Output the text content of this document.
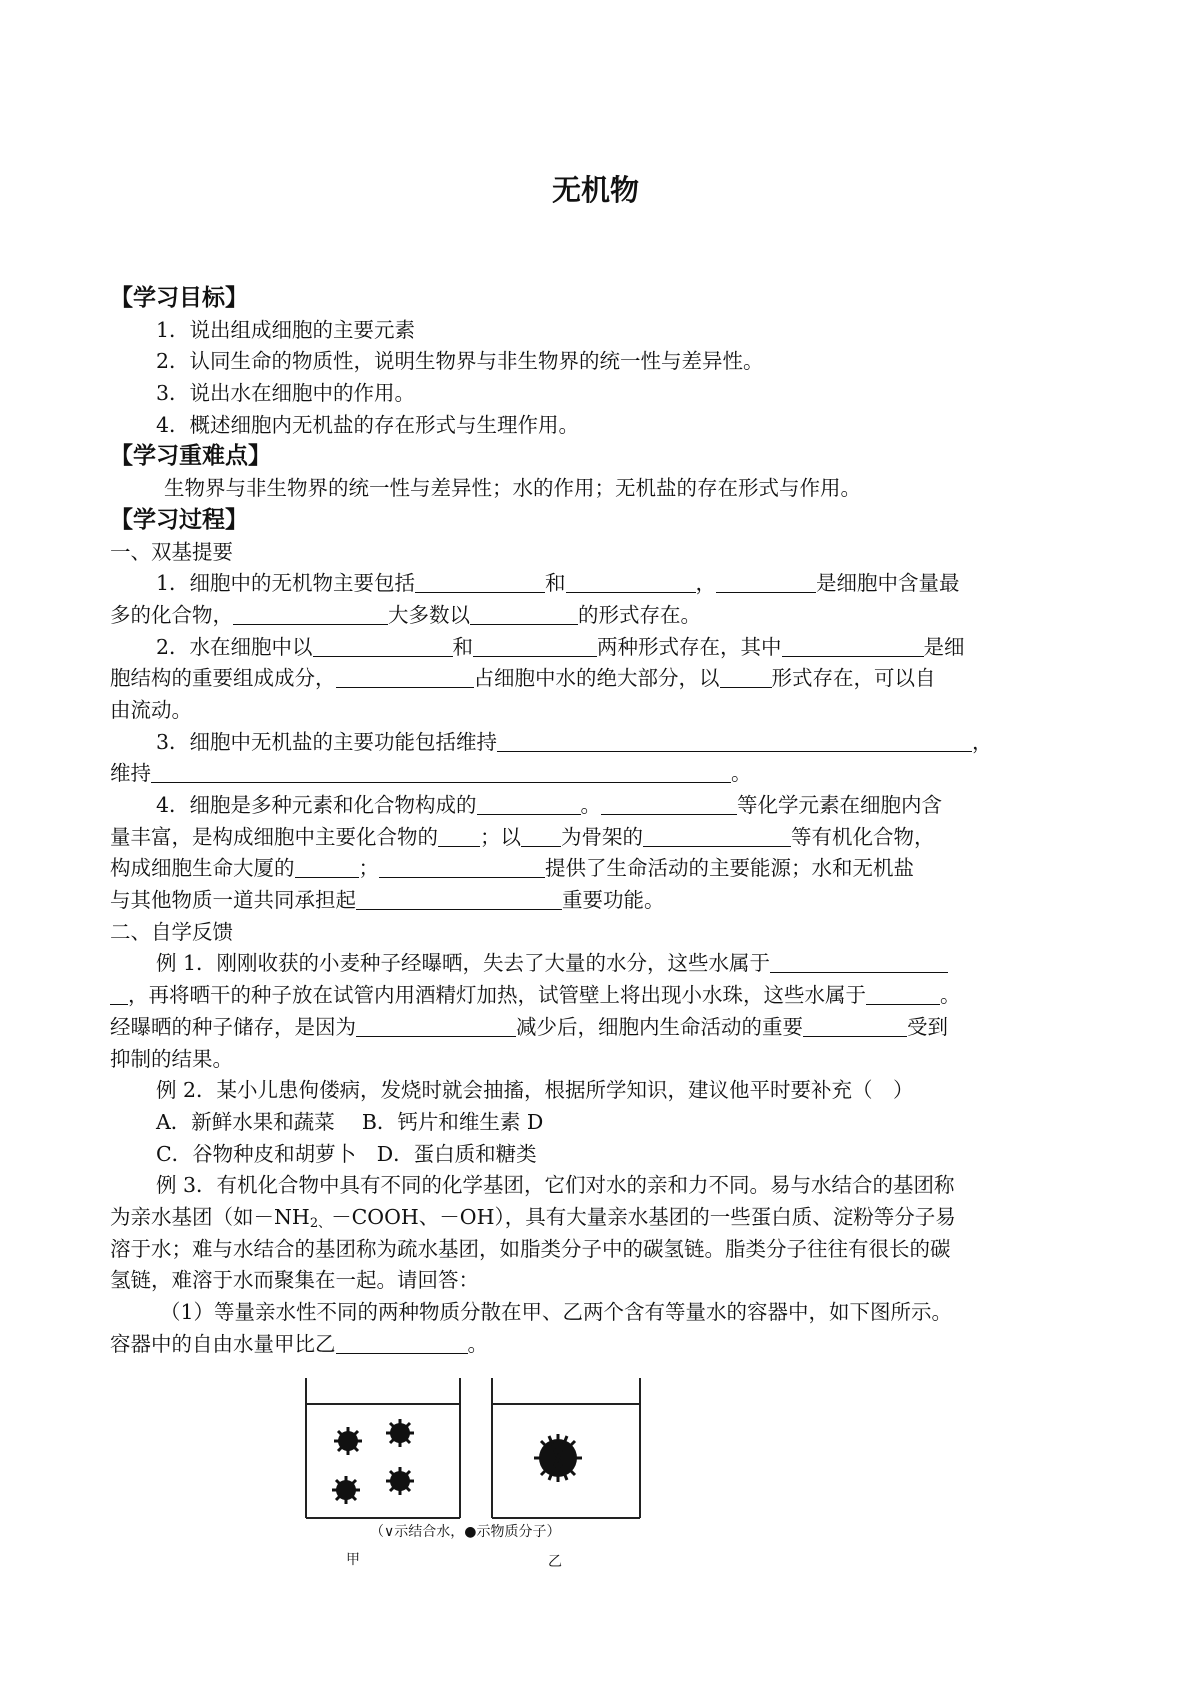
无机物
【学习目标】
1．说出组成细胞的主要元素
2．认同生命的物质性，说明生物界与非生物界的统一性与差异性。
3．说出水在细胞中的作用。
4．概述细胞内无机盐的存在形式与生理作用。
【学习重难点】
生物界与非生物界的统一性与差异性；水的作用；无机盐的存在形式与作用。
【学习过程】
一、双基提要
1．细胞中的无机物主要包括	和	，	是细胞中含量最
多的化合物，	大多数以	的形式存在。
2．水在细胞中以	和	两种形式存在，其中	是细
胞结构的重要组成成分，	占细胞中水的绝大部分，以	形式存在，可以自
由流动。
3．细胞中无机盐的主要功能包括维持	，
维持	。
4．细胞是多种元素和化合物构成的	。	等化学元素在细胞内含
量丰富，是构成细胞中主要化合物的 ；以 为骨架的	等有机化合物，
构成细胞生命大厦的	；	提供了生命活动的主要能源；水和无机盐
与其他物质一道共同承担起	重要功能。
二、自学反馈
例 1．刚刚收获的小麦种子经曝晒，失去了大量的水分，这些水属于
，再将晒干的种子放在试管内用酒精灯加热，试管壁上将出现小水珠，这些水属于	。
经曝晒的种子储存，是因为	减少后，细胞内生命活动的重要	受到
抑制的结果。
例 2．某小儿患佝偻病，发烧时就会抽搐，根据所学知识，建议他平时要补充（　）
A．新鲜水果和蔬菜　 B．钙片和维生素 D
C．谷物种皮和胡萝卜　 D．蛋白质和糖类
例 3．有机化合物中具有不同的化学基团，它们对水的亲和力不同。易与水结合的基团称
为亲水基团（如$-NH_{2、}-COOH$、－OH），具有大量亲水基团的一些蛋白质、淀粉等分子易
溶于水；难与水结合的基团称为疏水基团，如脂类分子中的碳氢链。脂类分子往往有很长的碳
氢链，难溶于水而聚集在一起。请回答：
（1）等量亲水性不同的两种物质分散在甲、乙两个含有等量水的容器中，如下图所示。
容器中的自由水量甲比乙	。
（∨示结合水，●示物质分子）
甲	乙
